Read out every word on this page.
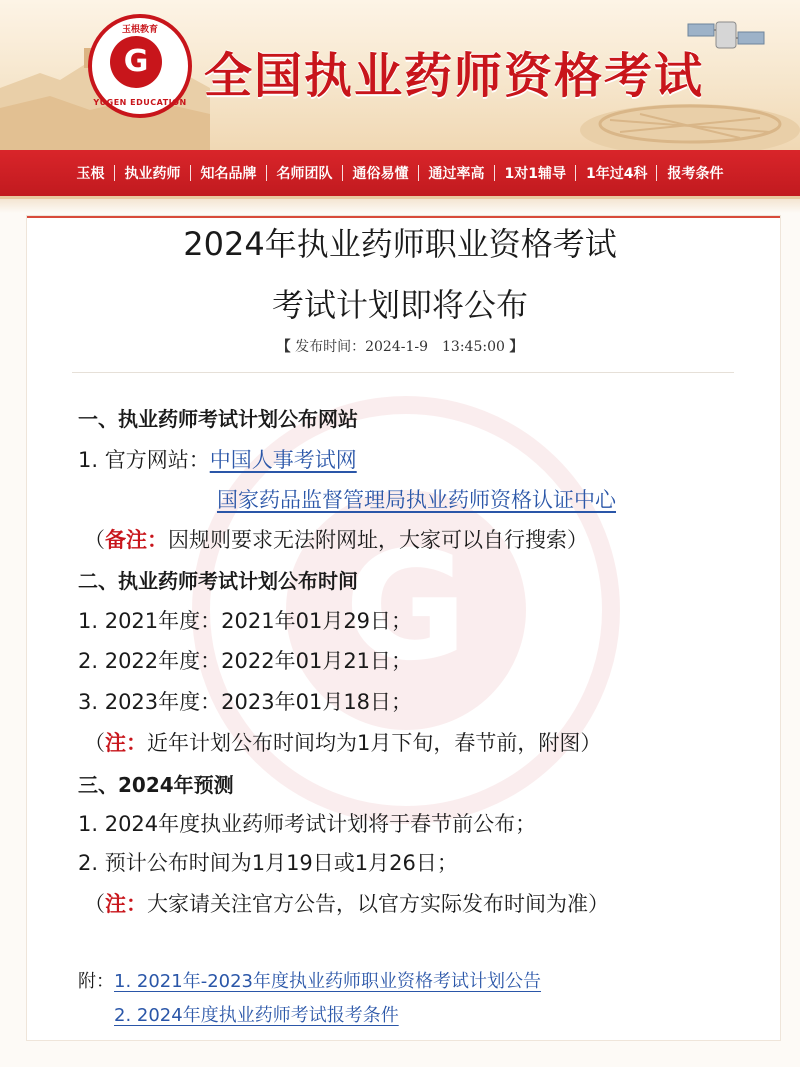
玉根教育
G
YUGEN EDUCATION 全国执业药师资格考试
玉根	执业药师	知名品牌	名师团队	通俗易懂	通过率高	1对1辅导	1年过4科	报考条件
2024年执业药师职业资格考试
考试计划即将公布
【 发布时间：2024-1-9　13:45:00 】
一、执业药师考试计划公布网站
1. 官方网站：中国人事考试网
国家药品监督管理局执业药师资格认证中心
（备注：因规则要求无法附网址，大家可以自行搜索）
二、执业药师考试计划公布时间
1. 2021年度：2021年01月29日；
2. 2022年度：2022年01月21日；
3. 2023年度：2023年01月18日；
（注：近年计划公布时间均为1月下旬，春节前，附图）
三、2024年预测
1. 2024年度执业药师考试计划将于春节前公布；
2. 预计公布时间为1月19日或1月26日；
（注：大家请关注官方公告，以官方实际发布时间为准）
附：1. 2021年-2023年度执业药师职业资格考试计划公告
2. 2024年度执业药师考试报考条件
